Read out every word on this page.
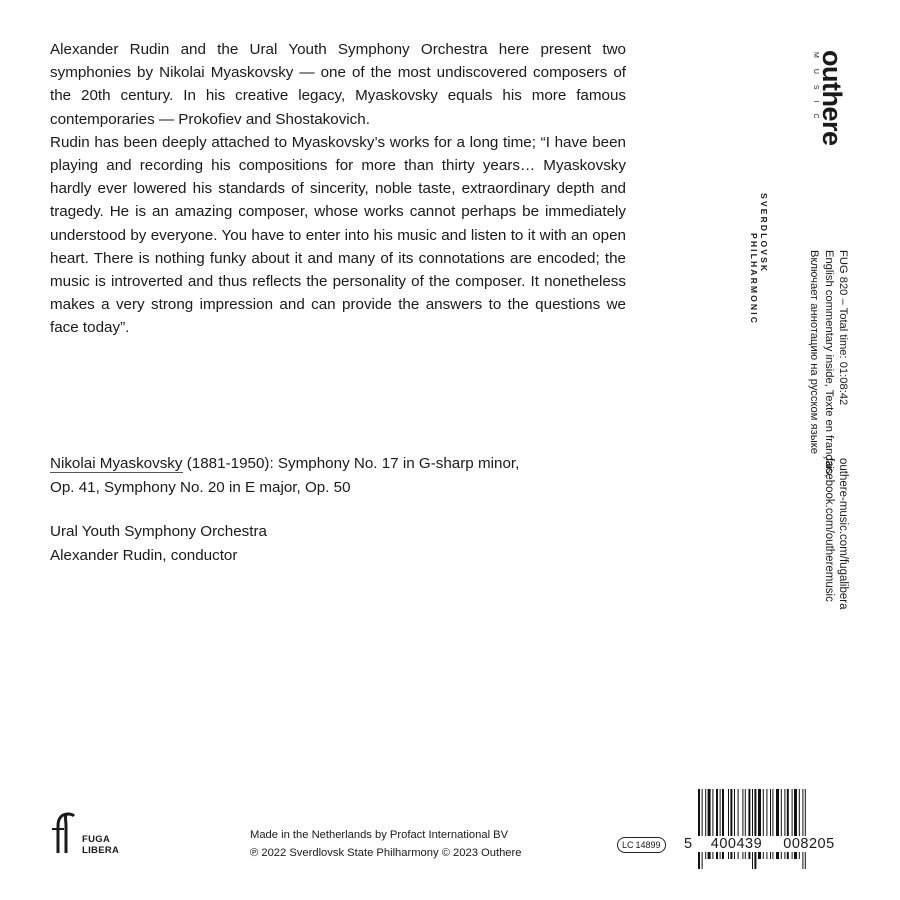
Alexander Rudin and the Ural Youth Symphony Orchestra here present two symphonies by Nikolai Myaskovsky — one of the most undiscovered composers of the 20th century. In his creative legacy, Myaskovsky equals his more famous contemporaries — Prokofiev and Shostakovich.

Rudin has been deeply attached to Myaskovsky’s works for a long time; “I have been playing and recording his compositions for more than thirty years… Myaskovsky hardly ever lowered his standards of sincerity, noble taste, extraordinary depth and tragedy. He is an amazing composer, whose works cannot perhaps be immediately understood by everyone. You have to enter into his music and listen to it with an open heart. There is nothing funky about it and many of its connotations are encoded; the music is introverted and thus reflects the personality of the composer. It nonetheless makes a very strong impression and can provide the answers to the questions we face today”.

Nikolai Myaskovsky (1881-1950): Symphony No. 17 in G-sharp minor,
Op. 41, Symphony No. 20 in E major, Op. 50
Ural Youth Symphony Orchestra
Alexander Rudin, conductor
outhere
MUSIC
SVERDLOVSK
PHILHARMONIC	FUG 820 – Total time: 01:08:42
English commentary inside, Texte en français,
Включает аннотацию на русском языке
outhere-music.com/fugalibera
facebook.com/outheremusic
FUGA
LIBERA
Made in the Netherlands by Profact International BV
℗ 2022 Sverdlovsk State Philharmony © 2023 Outhere
LC 14899	5 400439 008205
